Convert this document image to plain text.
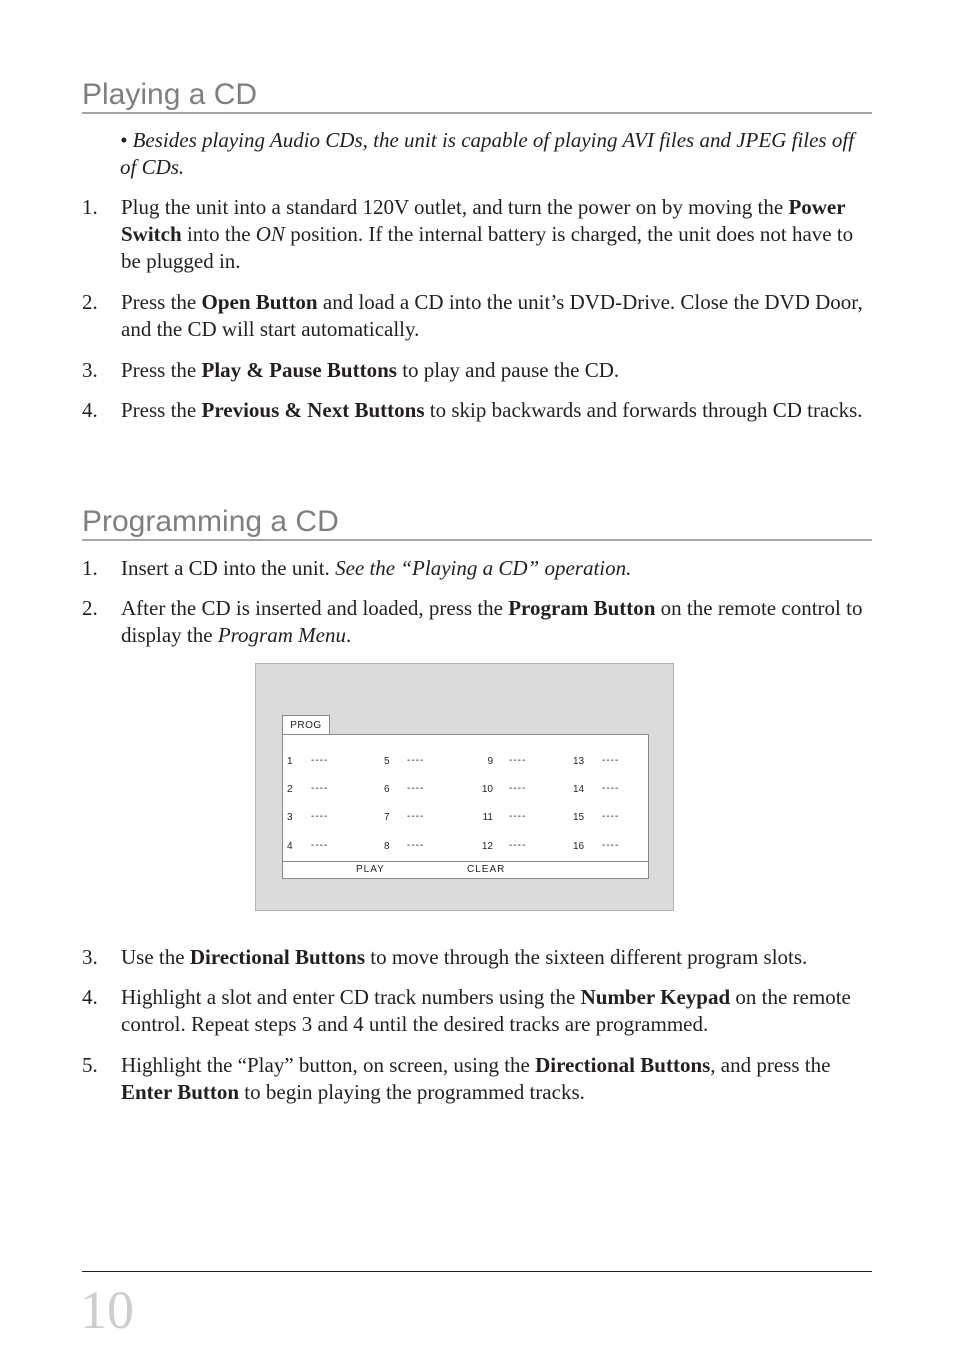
Playing a CD
• Besides playing Audio CDs, the unit is capable of playing AVI files and JPEG files off of CDs.
1. Plug the unit into a standard 120V outlet, and turn the power on by moving the Power Switch into the ON position. If the internal battery is charged, the unit does not have to be plugged in.
2. Press the Open Button and load a CD into the unit’s DVD-Drive. Close the DVD Door, and the CD will start automatically.
3. Press the Play & Pause Buttons to play and pause the CD.
4. Press the Previous & Next Buttons to skip backwards and forwards through CD tracks.
Programming a CD
1. Insert a CD into the unit. See the “Playing a CD” operation.
2. After the CD is inserted and loaded, press the Program Button on the remote control to display the Program Menu.
PROG
1 ----
2 ----
3 ----
4 ----
5 ----
6 ----
7 ----
8 ----
9 ----
10 ----
11 ----
12 ----
13 ----
14 ----
15 ----
16 ----
PLAY	CLEAR
3. Use the Directional Buttons to move through the sixteen different program slots.
4. Highlight a slot and enter CD track numbers using the Number Keypad on the remote control. Repeat steps 3 and 4 until the desired tracks are programmed.
5. Highlight the “Play” button, on screen, using the Directional Buttons, and press the Enter Button to begin playing the programmed tracks.
10
